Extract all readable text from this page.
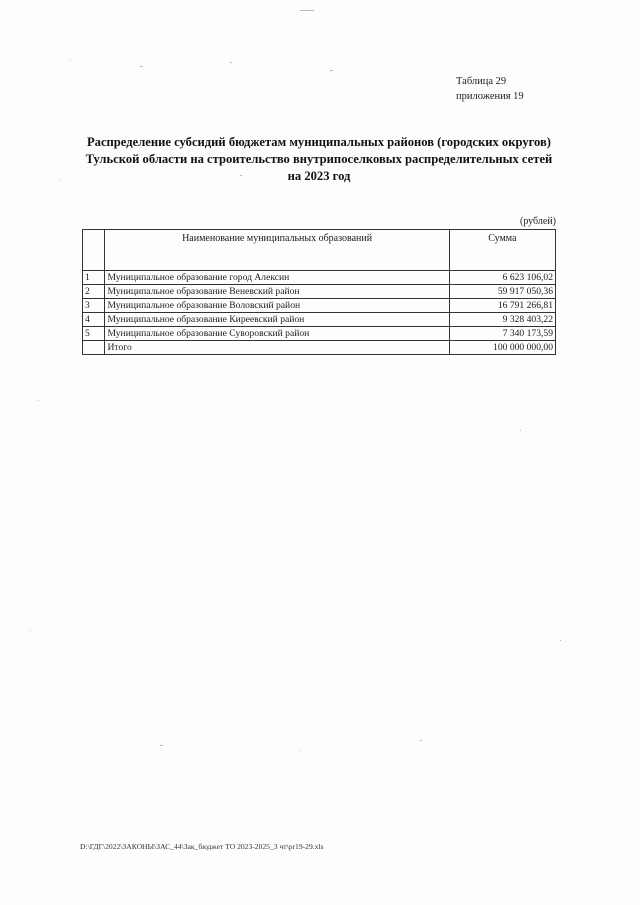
Таблица 29
приложения 19
Распределение субсидий бюджетам муниципальных районов (городских округов)
Тульской области на строительство внутрипоселковых распределительных сетей
на 2023 год
(рублей)
	Наименование муниципальных образований	Сумма
1	Муниципальное образование город Алексин	6 623 106,02
2	Муниципальное образование Веневский район	59 917 050,36
3	Муниципальное образование Воловский район	16 791 266,81
4	Муниципальное образование Киреевский район	9 328 403,22
5	Муниципальное образование Суворовский район	7 340 173,59
	Итого	100 000 000,00
D:\ГДГ\2022\ЗАКОНЫ\ЗАС_44\Зак_бюджет ТО 2023-2025_3 чт\pr19-29.xls
